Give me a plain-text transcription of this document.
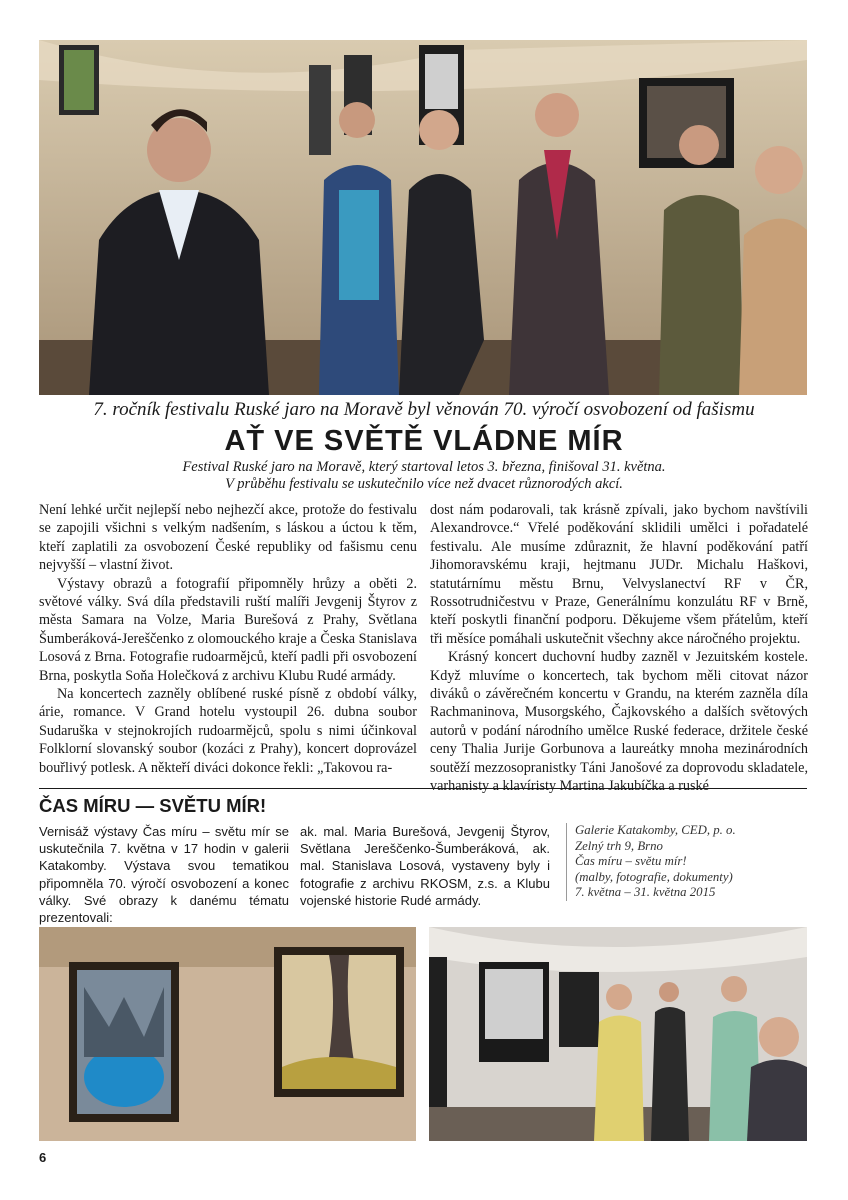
7. ročník festivalu Ruské jaro na Moravě byl věnován 70. výročí osvobození od fašismu
AŤ VE SVĚTĚ VLÁDNE MÍR
Festival Ruské jaro na Moravě, který startoval letos 3. března, finišoval 31. května.
V průběhu festivalu se uskutečnilo více než dvacet různorodých akcí.

Není lehké určit nejlepší nebo nejhezčí akce, protože do festivalu se zapojili všichni s velkým nadšením, s láskou a úctou k těm, kteří zaplatili za osvobození České republiky od fašismu cenu nejvyšší – vlastní život.

Výstavy obrazů a fotografií připomněly hrůzy a oběti 2. světové války. Svá díla představili ruští malíři Jevgenij Štyrov z města Samara na Volze, Maria Burešová z Prahy, Světlana Šumberáková-Jereščenko z olomouckého kraje a Česka Stanislava Losová z Brna. Fotografie rudoarmějců, kteří padli při osvobození Brna, poskytla Soňa Holečková z archivu Klubu Rudé armády.

Na koncertech zazněly oblíbené ruské písně z období války, árie, romance. V Grand hotelu vystoupil 26. dubna soubor Sudaruška v stejnokrojích rudoarmějců, spolu s nimi účinkoval Folklorní slovanský soubor (kozáci z Prahy), koncert doprovázel bouřlivý potlesk. A někteří diváci dokonce řekli: „Takovou ra-

dost nám podarovali, tak krásně zpívali, jako bychom navštívili Alexandrovce.“ Vřelé poděkování sklidili umělci i pořadatelé festivalu. Ale musíme zdůraznit, že hlavní poděkování patří Jihomoravskému kraji, hejtmanu JUDr. Michalu Haškovi, statutárnímu městu Brnu, Velvyslanectví RF v ČR, Rossotrudničestvu v Praze, Generálnímu konzulátu RF v Brně, kteří poskytli finanční podporu. Děkujeme všem přátelům, kteří tři měsíce pomáhali uskutečnit všechny akce náročného projektu.

Krásný koncert duchovní hudby zazněl v Jezuitském kostele. Když mluvíme o koncertech, tak bychom měli citovat názor diváků o závěrečném koncertu v Grandu, na kterém zazněla díla Rachmaninova, Musorgského, Čajkovského a dalších světových autorů v podání národního umělce Ruské federace, držitele české ceny Thalia Jurije Gorbunova a laureátky mnoha mezinárodních soutěží mezzosopranistky Táni Janošové za doprovodu skladatele, varhanisty a klavíristy Martina Jakubíčka a ruské

ČAS MÍRU — SVĚTU MÍR!

Vernisáž výstavy Čas míru – světu mír se uskutečnila 7. května v 17 hodin v galerii Katakomby. Výstava svou tematikou připomněla 70. výročí osvobození a konec války. Své obrazy k danému tématu prezentovali:

ak. mal. Maria Burešová, Jevgenij Štyrov, Světlana Jereščenko-Šumberáková, ak. mal. Stanislava Losová, vystaveny byly i fotografie z archivu RKOSM, z.s. a Klubu vojenské historie Rudé armády.

Galerie Katakomby, CED, p. o.
Zelný trh 9, Brno
Čas míru – světu mír!
(malby, fotografie, dokumenty)
7. května – 31. května 2015
6
